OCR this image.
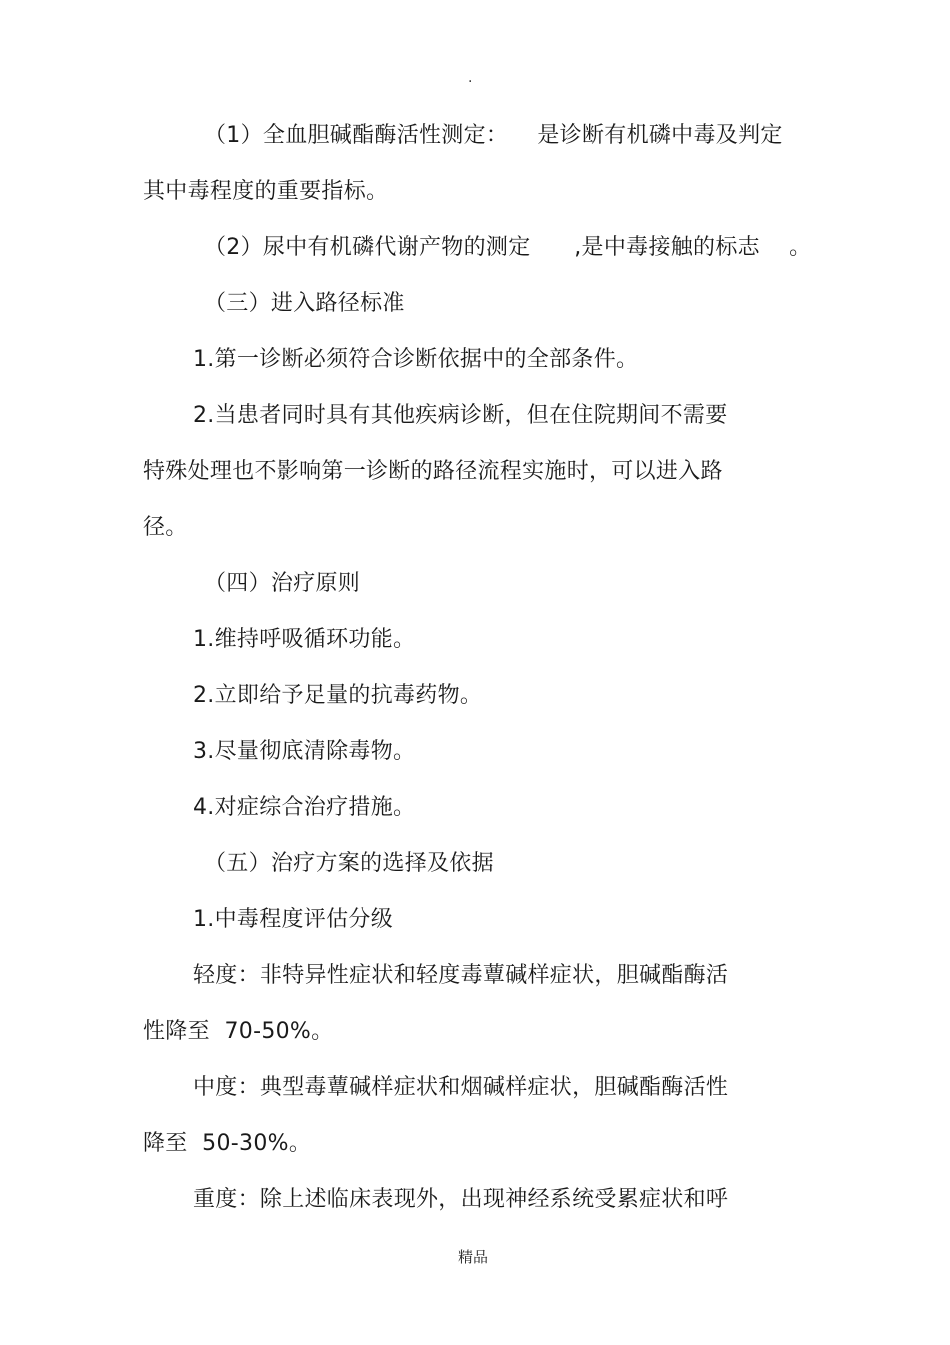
.
（1）全血胆碱酯酶活性测定：    是诊断有机磷中毒及判定
其中毒程度的重要指标。
（2）尿中有机磷代谢产物的测定      ,是中毒接触的标志    。
（三）进入路径标准
1.第一诊断必须符合诊断依据中的全部条件。
2.当患者同时具有其他疾病诊断，但在住院期间不需要
特殊处理也不影响第一诊断的路径流程实施时，可以进入路
径。
（四）治疗原则
1.维持呼吸循环功能。
2.立即给予足量的抗毒药物。
3.尽量彻底清除毒物。
4.对症综合治疗措施。
（五）治疗方案的选择及依据
1.中毒程度评估分级
轻度：非特异性症状和轻度毒蕈碱样症状，胆碱酯酶活
性降至  70-50%。
中度：典型毒蕈碱样症状和烟碱样症状，胆碱酯酶活性
降至  50-30%。
重度：除上述临床表现外，出现神经系统受累症状和呼
精品
